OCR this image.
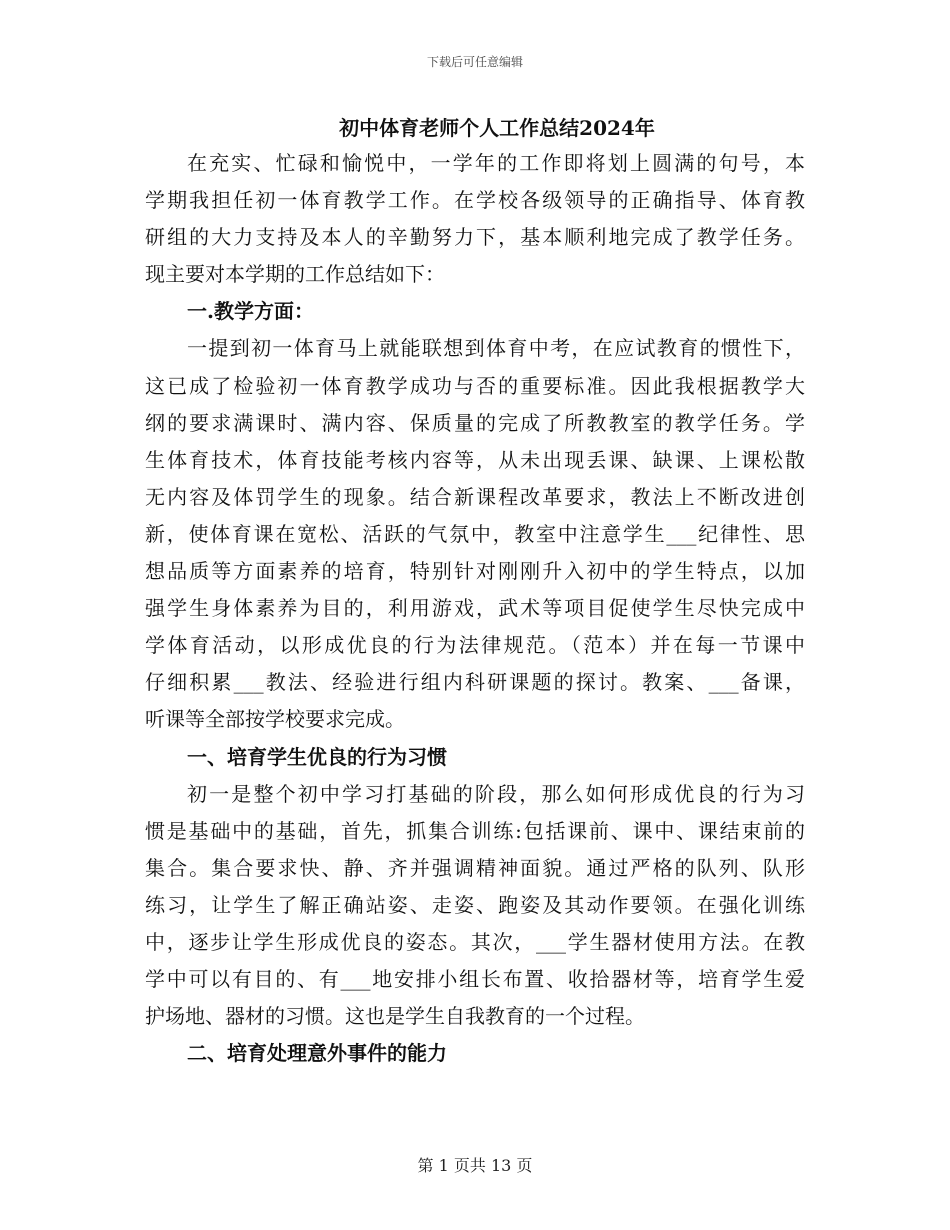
下载后可任意编辑
初中体育老师个人工作总结2024年
在充实、忙碌和愉悦中，一学年的工作即将划上圆满的句号，本
学期我担任初一体育教学工作。在学校各级领导的正确指导、体育教
研组的大力支持及本人的辛勤努力下，基本顺利地完成了教学任务。
现主要对本学期的工作总结如下：
一.教学方面：
一提到初一体育马上就能联想到体育中考，在应试教育的惯性下，
这已成了检验初一体育教学成功与否的重要标准。因此我根据教学大
纲的要求满课时、满内容、保质量的完成了所教教室的教学任务。学
生体育技术，体育技能考核内容等，从未出现丢课、缺课、上课松散
无内容及体罚学生的现象。结合新课程改革要求，教法上不断改进创
新，使体育课在宽松、活跃的气氛中，教室中注意学生___纪律性、思
想品质等方面素养的培育，特别针对刚刚升入初中的学生特点，以加
强学生身体素养为目的，利用游戏，武术等项目促使学生尽快完成中
学体育活动，以形成优良的行为法律规范。（范本）并在每一节课中
仔细积累___教法、经验进行组内科研课题的探讨。教案、___备课，
听课等全部按学校要求完成。
一、培育学生优良的行为习惯
初一是整个初中学习打基础的阶段，那么如何形成优良的行为习
惯是基础中的基础，首先，抓集合训练:包括课前、课中、课结束前的
集合。集合要求快、静、齐并强调精神面貌。通过严格的队列、队形
练习，让学生了解正确站姿、走姿、跑姿及其动作要领。在强化训练
中，逐步让学生形成优良的姿态。其次，___学生器材使用方法。在教
学中可以有目的、有___地安排小组长布置、收拾器材等，培育学生爱
护场地、器材的习惯。这也是学生自我教育的一个过程。
二、培育处理意外事件的能力
第 1 页共 13 页
